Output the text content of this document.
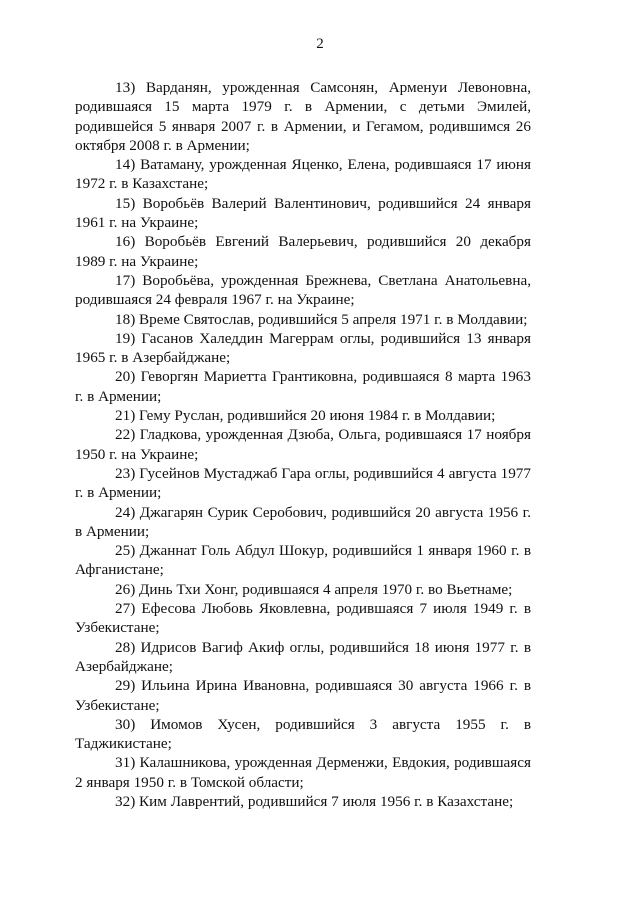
2

13) Варданян, урожденная Самсонян, Арменуи Левоновна, родившаяся 15 марта 1979 г. в Армении, с детьми Эмилей, родившейся 5 января 2007 г. в Армении, и Гегамом, родившимся 26 октября 2008 г. в Армении;

14) Ватаману, урожденная Яценко, Елена, родившаяся 17 июня 1972 г. в Казахстане;

15) Воробьёв Валерий Валентинович, родившийся 24 января 1961 г. на Украине;

16) Воробьёв Евгений Валерьевич, родившийся 20 декабря 1989 г. на Украине;

17) Воробьёва, урожденная Брежнева, Светлана Анатольевна, родившаяся 24 февраля 1967 г. на Украине;

18) Време Святослав, родившийся 5 апреля 1971 г. в Молдавии;

19) Гасанов Халеддин Магеррам оглы, родившийся 13 января 1965 г. в Азербайджане;

20) Геворгян Мариетта Грантиковна, родившаяся 8 марта 1963 г. в Армении;

21) Гему Руслан, родившийся 20 июня 1984 г. в Молдавии;

22) Гладкова, урожденная Дзюба, Ольга, родившаяся 17 ноября 1950 г. на Украине;

23) Гусейнов Мустаджаб Гара оглы, родившийся 4 августа 1977 г. в Армении;

24) Джагарян Сурик Серобович, родившийся 20 августа 1956 г. в Армении;

25) Джаннат Голь Абдул Шокур, родившийся 1 января 1960 г. в Афганистане;

26) Динь Тхи Хонг, родившаяся 4 апреля 1970 г. во Вьетнаме;

27) Ефесова Любовь Яковлевна, родившаяся 7 июля 1949 г. в Узбекистане;

28) Идрисов Вагиф Акиф оглы, родившийся 18 июня 1977 г. в Азербайджане;

29) Ильина Ирина Ивановна, родившаяся 30 августа 1966 г. в Узбекистане;

30) Имомов Хусен, родившийся 3 августа 1955 г. в Таджикистане;

31) Калашникова, урожденная Дерменжи, Евдокия, родившаяся 2 января 1950 г. в Томской области;

32) Ким Лаврентий, родившийся 7 июля 1956 г. в Казахстане;
